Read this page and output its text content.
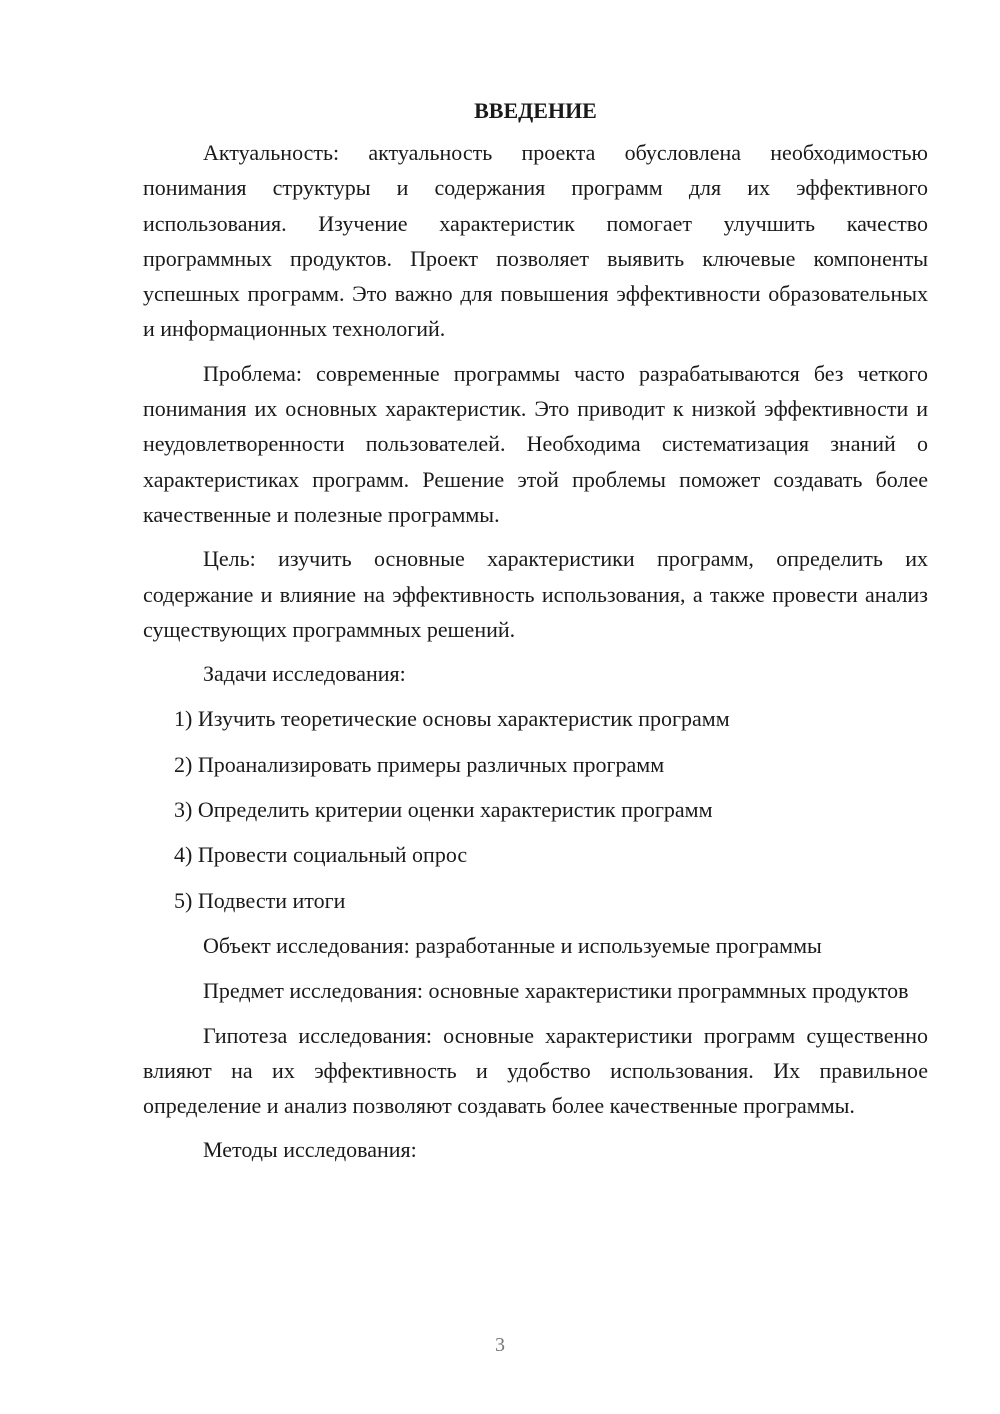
ВВЕДЕНИЕ

Актуальность: актуальность проекта обусловлена необходимостью понимания структуры и содержания программ для их эффективного использования. Изучение характеристик помогает улучшить качество программных продуктов. Проект позволяет выявить ключевые компоненты успешных программ. Это важно для повышения эффективности образовательных и информационных технологий.

Проблема: современные программы часто разрабатываются без четкого понимания их основных характеристик. Это приводит к низкой эффективности и неудовлетворенности пользователей. Необходима систематизация знаний о характеристиках программ. Решение этой проблемы поможет создавать более качественные и полезные программы.

Цель: изучить основные характеристики программ, определить их содержание и влияние на эффективность использования, а также провести анализ существующих программных решений.

Задачи исследования:
1) Изучить теоретические основы характеристик программ
2) Проанализировать примеры различных программ
3) Определить критерии оценки характеристик программ
4) Провести социальный опрос
5) Подвести итоги
Объект исследования: разработанные и используемые программы

Предмет исследования: основные характеристики программных продуктов

Гипотеза исследования: основные характеристики программ существенно влияют на их эффективность и удобство использования. Их правильное определение и анализ позволяют создавать более качественные программы.

Методы исследования:
3
